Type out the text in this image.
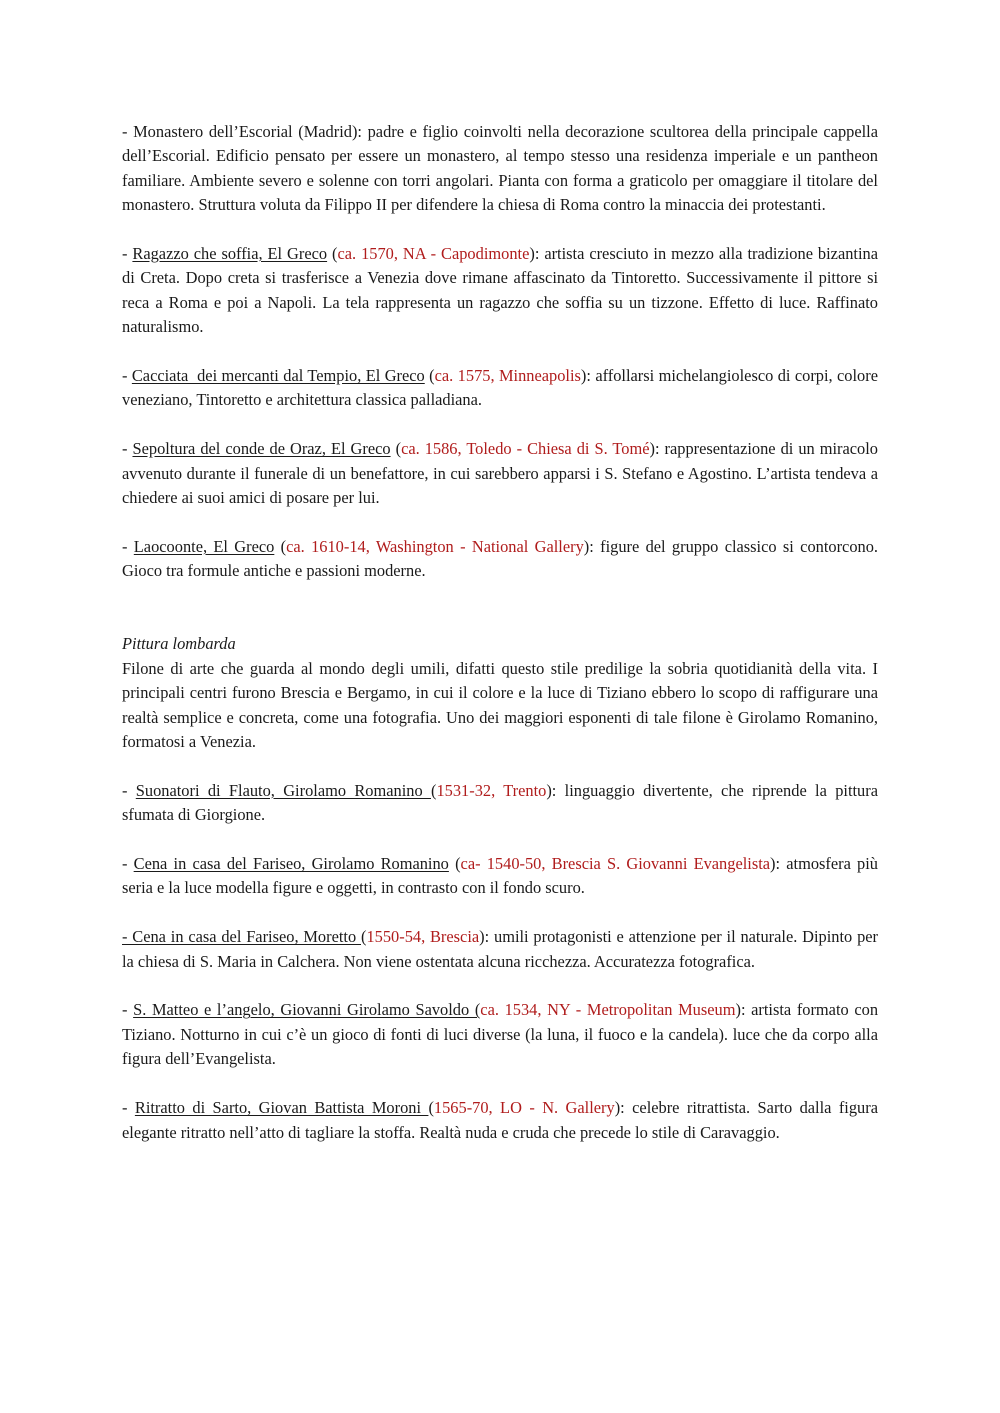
- Monastero dell’Escorial (Madrid): padre e figlio coinvolti nella decorazione scultorea della principale cappella dell’Escorial. Edificio pensato per essere un monastero, al tempo stesso una residenza imperiale e un pantheon familiare. Ambiente severo e solenne con torri angolari. Pianta con forma a graticolo per omaggiare il titolare del monastero. Struttura voluta da Filippo II per difendere la chiesa di Roma contro la minaccia dei protestanti.

- Ragazzo che soffia, El Greco (ca. 1570, NA - Capodimonte): artista cresciuto in mezzo alla tradizione bizantina di Creta. Dopo creta si trasferisce a Venezia dove rimane affascinato da Tintoretto. Successivamente il pittore si reca a Roma e poi a Napoli. La tela rappresenta un ragazzo che soffia su un tizzone. Effetto di luce. Raffinato naturalismo.

- Cacciata  dei mercanti dal Tempio, El Greco (ca. 1575, Minneapolis): affollarsi michelangiolesco di corpi, colore veneziano, Tintoretto e architettura classica palladiana.

- Sepoltura del conde de Oraz, El Greco (ca. 1586, Toledo - Chiesa di S. Tomé): rappresentazione di un miracolo avvenuto durante il funerale di un benefattore, in cui sarebbero apparsi i S. Stefano e Agostino. L’artista tendeva a chiedere ai suoi amici di posare per lui.

- Laocoonte, El Greco (ca. 1610-14, Washington - National Gallery): figure del gruppo classico si contorcono. Gioco tra formule antiche e passioni moderne.

Pittura lombarda

Filone di arte che guarda al mondo degli umili, difatti questo stile predilige la sobria quotidianità della vita. I principali centri furono Brescia e Bergamo, in cui il colore e la luce di Tiziano ebbero lo scopo di raffigurare una realtà semplice e concreta, come una fotografia. Uno dei maggiori esponenti di tale filone è Girolamo Romanino, formatosi a Venezia.

- Suonatori di Flauto, Girolamo Romanino (1531-32, Trento): linguaggio divertente, che riprende la pittura sfumata di Giorgione.

- Cena in casa del Fariseo, Girolamo Romanino (ca- 1540-50, Brescia S. Giovanni Evangelista): atmosfera più seria e la luce modella figure e oggetti, in contrasto con il fondo scuro.

- Cena in casa del Fariseo, Moretto (1550-54, Brescia): umili protagonisti e attenzione per il naturale. Dipinto per la chiesa di S. Maria in Calchera. Non viene ostentata alcuna ricchezza. Accuratezza fotografica.

- S. Matteo e l’angelo, Giovanni Girolamo Savoldo (ca. 1534, NY - Metropolitan Museum): artista formato con Tiziano. Notturno in cui c’è un gioco di fonti di luci diverse (la luna, il fuoco e la candela). luce che da corpo alla figura dell’Evangelista.

- Ritratto di Sarto, Giovan Battista Moroni (1565-70, LO - N. Gallery): celebre ritrattista. Sarto dalla figura elegante ritratto nell’atto di tagliare la stoffa. Realtà nuda e cruda che precede lo stile di Caravaggio.
